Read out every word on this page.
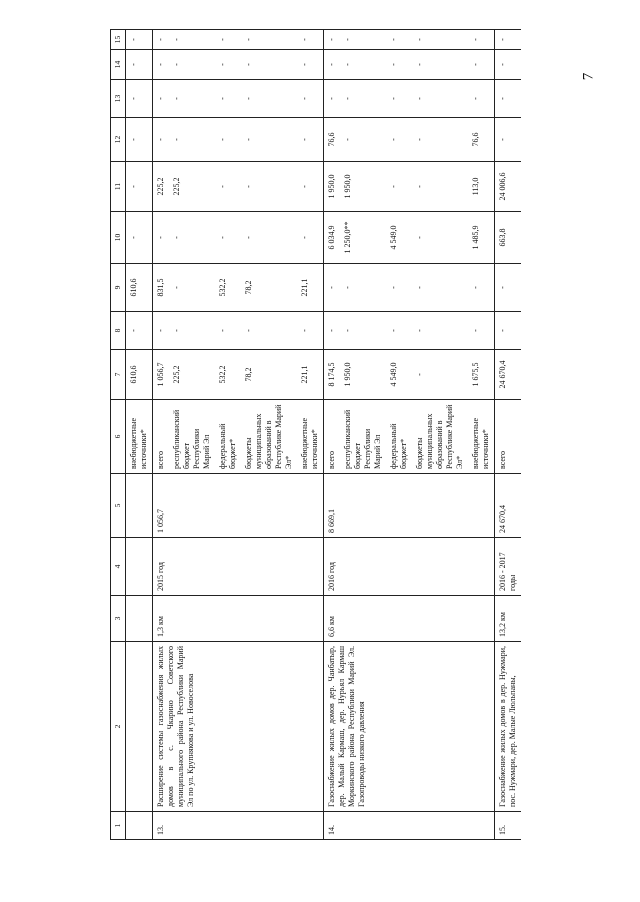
7
1	2	3	4	5	6	7	8	9	10	11	12	13	14	15
					внебюджетные источники*	610,6	-	610,6	-	-	-	-	-	-
13.	Расширение системы газоснабжения жилых домов в с. Чкарино Советского муниципального района Республики Марий Эл по ул. Крупнякова и ул. Новоселова	1,3 км	2015 год	1 056,7	всего	1 056,7	-	831,5	-	225,2	-	-	-	-
					республиканский бюджет Республики Марий Эл	225,2	-	-	-	225,2	-	-	-	-
					федеральный бюджет*	532,2	-	532,2	-	-	-	-	-	-
					бюджеты муниципальных образований в Республике Марий Эл*	78,2	-	78,2	-	-	-	-	-	-
					внебюджетные источники*	221,1	-	221,1	-	-	-	-	-	-
14.	Газоснабжение жилых домов дер. Чанбатыр, дер. Малый Кармаш, дер. Нурьял Кармаш Моркинского района Республики Марий Эл. Газопроводы низкого давления	6,6 км	2016 год	8 669,1	всего	8 174,5	-	-	6 034,9	1 950,0	76,6	-	-	-
					республиканский бюджет Республики Марий Эл	1 950,0	-	-	1 250,0**	1 950,0	-	-	-	-
					федеральный бюджет*	4 549,0	-	-	4 549,0	-	-	-	-	-
					бюджеты муниципальных образований в Республике Марий Эл*	-	-	-	-	-	-	-	-	-
					внебюджетные источники*	1 675,5	-	-	1 485,9	113,0	76,6	-	-	-
15.	Газоснабжение жилых домов в дер. Нужмари, пос. Нужмари, дер. Малые Люльпаны,	13,2 км	2016 - 2017 годы	24 670,4	всего	24 670,4	-	-	663,8	24 006,6	-	-	-	-
